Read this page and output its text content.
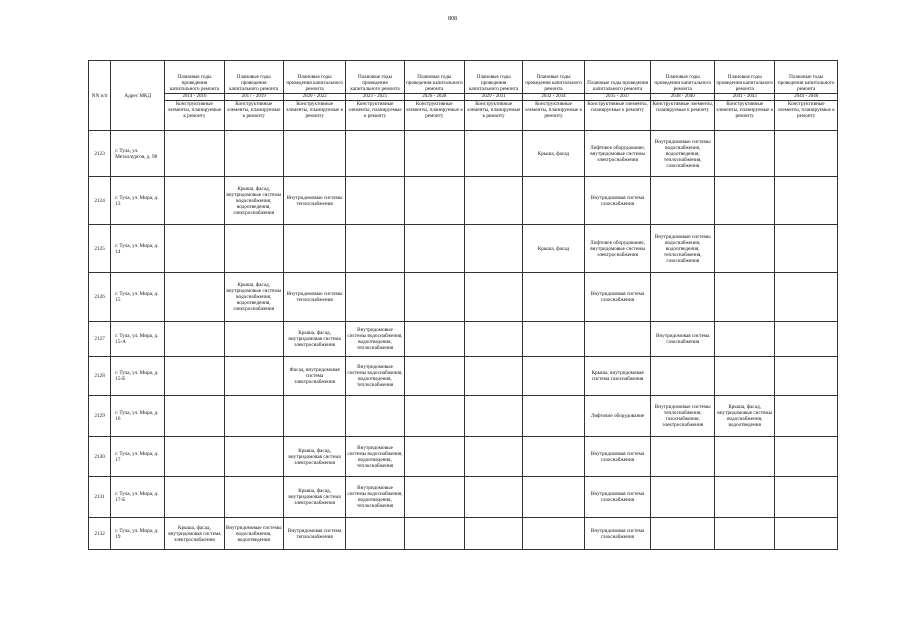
808
NN п/п	Адрес МКД	Плановые годы проведения капитального ремонта	Плановые годы проведения капитального ремонта	Плановые годы проведения капитального ремонта	Плановые годы проведения капитального ремонта	Плановые годы проведения капитального ремонта	Плановые годы проведения капитального ремонта	Плановые годы проведения капитального ремонта	Плановые годы проведения капитального ремонта	Плановые годы проведения капитального ремонта	Плановые годы проведения капитального ремонта	Плановые годы проведения капитального ремонта
		2014 - 2016	2017 - 2019	2020 - 2022	2023 - 2025	2026 - 2028	2029 - 2031	2032 - 2034	2035 - 2037	2038 - 2040	2041 - 2043	2044 - 2046
		Конструктивные элементы, планируемые к ремонту	Конструктивные элементы, планируемые к ремонту	Конструктивные элементы, планируемые к ремонту	Конструктивные элементы, планируемые к ремонту	Конструктивные элементы, планируемые к ремонту	Конструктивные элементы, планируемые к ремонту	Конструктивные элементы, планируемые к ремонту	Конструктивные элементы, планируемые к ремонту	Конструктивные элементы, планируемые к ремонту	Конструктивные элементы, планируемые к ремонту	Конструктивные элементы, планируемые к ремонту
2123	г. Тула, ул. Металлургов, д. 98							Крыша, фасад	Лифтовое оборудование, внутридомовые системы электроснабжения	Внутридомовые системы водоснабжения, водоотведения, теплоснабжения, газоснабжения		
2124	г. Тула, ул. Мира, д. 13		Крыша, фасад, внутридомовые системы водоснабжения, водоотведения, электроснабжения	Внутридомовые системы теплоснабжения					Внутридомовая система газоснабжения			
2125	г. Тула, ул. Мира, д. 14							Крыша, фасад	Лифтовое оборудование, внутридомовые системы электроснабжения	Внутридомовые системы водоснабжения, водоотведения, теплоснабжения, газоснабжения		
2126	г. Тула, ул. Мира, д. 15		Крыша, фасад, внутридомовые системы водоснабжения, водоотведения, электроснабжения	Внутридомовые системы теплоснабжения					Внутридомовая система газоснабжения			
2127	г. Тула, ул. Мира, д. 15-А			Крыша, фасад, внутридомовая система электроснабжения	Внутридомовые системы водоснабжения, водоотведения, теплоснабжения					Внутридомовая система газоснабжения		
2128	г. Тула, ул. Мира, д. 15-Б			Фасад, внутридомовая система электроснабжения	Внутридомовые системы водоснабжения, водоотведения, теплоснабжения				Крыша, внутридомовая система газоснабжения			
2129	г. Тула, ул. Мира, д. 16								Лифтовое оборудование	Внутридомовые системы теплоснабжения, газоснабжения, электроснабжения	Крыша, фасад, внутридомовые системы водоснабжения, водоотведения	
2130	г. Тула, ул. Мира, д. 17			Крыша, фасад, внутридомовая система электроснабжения	Внутридомовые системы водоснабжения, водоотведения, теплоснабжения				Внутридомовая система газоснабжения			
2131	г. Тула, ул. Мира, д. 17-Б			Крыша, фасад, внутридомовая система электроснабжения	Внутридомовые системы водоснабжения, водоотведения, теплоснабжения				Внутридомовая система газоснабжения			
2132	г. Тула, ул. Мира, д. 19	Крыша, фасад, внутридомовая система электроснабжения	Внутридомовые системы водоснабжения, водоотведения	Внутридомовая система теплоснабжения					Внутридомовая система газоснабжения			
